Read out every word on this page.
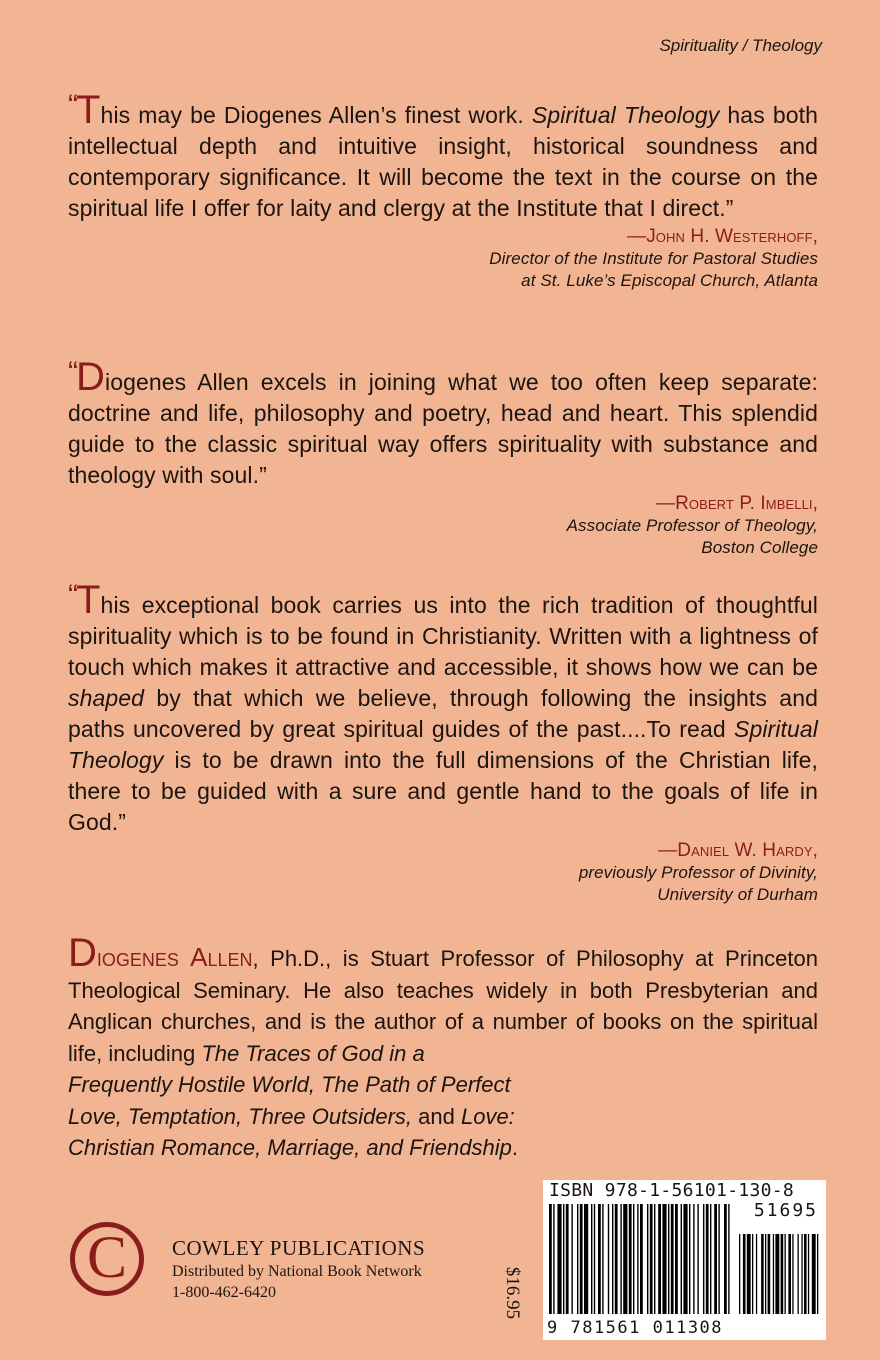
Spirituality / Theology

“This may be Diogenes Allen’s finest work. Spiritual Theology has both intellectual depth and intuitive insight, historical soundness and contemporary significance. It will become the text in the course on the spiritual life I offer for laity and clergy at the Institute that I direct.”

—John H. Westerhoff,
Director of the Institute for Pastoral Studies
at St. Luke’s Episcopal Church, Atlanta

“Diogenes Allen excels in joining what we too often keep separate: doctrine and life, philosophy and poetry, head and heart. This splendid guide to the classic spiritual way offers spirituality with substance and theology with soul.”

—Robert P. Imbelli,
Associate Professor of Theology,
Boston College

“This exceptional book carries us into the rich tradition of thoughtful spirituality which is to be found in Christianity. Written with a lightness of touch which makes it attractive and accessible, it shows how we can be shaped by that which we believe, through following the insights and paths uncovered by great spiritual guides of the past....To read Spiritual Theology is to be drawn into the full dimensions of the Christian life, there to be guided with a sure and gentle hand to the goals of life in God.”

—Daniel W. Hardy,
previously Professor of Divinity,
University of Durham
Diogenes Allen, Ph.D., is Stuart Professor of Philosophy at Princeton Theological Seminary. He also teaches widely in both Presbyterian and Anglican churches, and is the author of a number of books on the spiritual life, including The Traces of God in a
Frequently Hostile World, The Path of Perfect
Love, Temptation, Three Outsiders, and Love:
Christian Romance, Marriage, and Friendship.
C COWLEY PUBLICATIONS
Distributed by National Book Network
1-800-462-6420	$16.95
ISBN 978-1-56101-130-8
51695
9 781561 011308
